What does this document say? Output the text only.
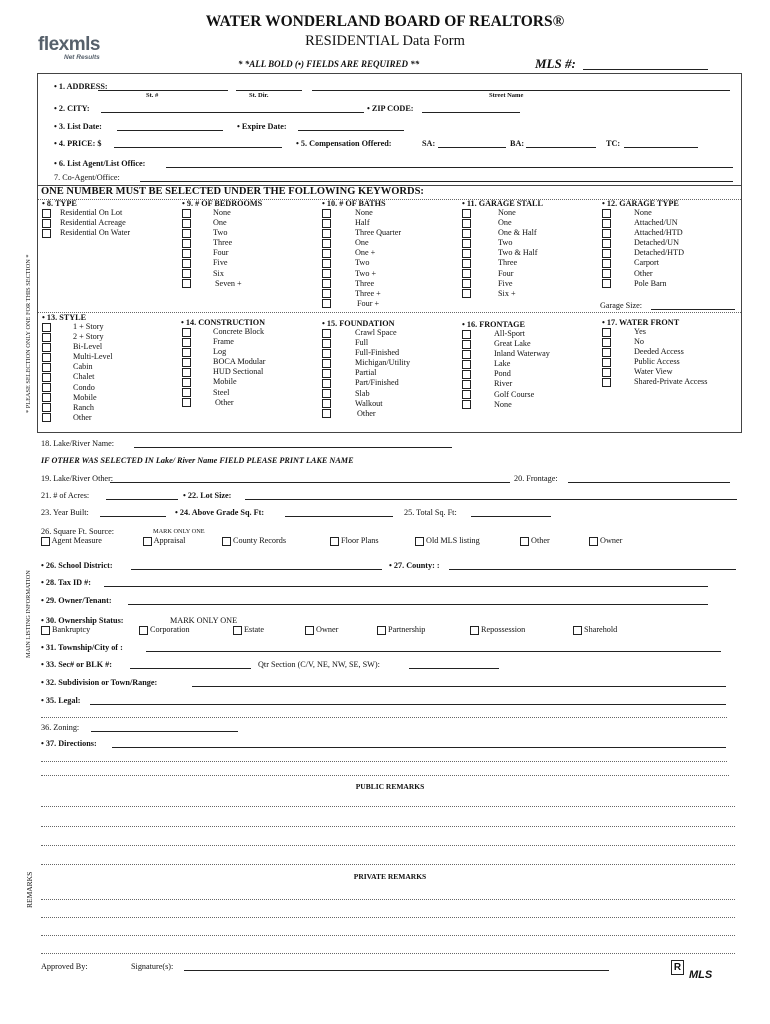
flexmls
Net Results
WATER WONDERLAND BOARD OF REALTORS®
RESIDENTIAL Data Form
* *ALL BOLD (•) FIELDS ARE REQUIRED **	MLS #:
• 1. ADDRESS:
St. #	St. Dir.	Street Name
• 2. CITY:	• ZIP CODE:
• 3. List Date:	• Expire Date:
• 4. PRICE: $	• 5. Compensation Offered:	SA:	BA:	TC:
• 6. List Agent/List Office:
7. Co-Agent/Office:
ONE NUMBER MUST BE SELECTED UNDER THE FOLLOWING KEYWORDS:
* PLEASE SELECTION ONLY ONE FOR THIS SECTION *
• 8. TYPE
Residential On Lot
Residential Acreage
Residential On Water
• 9. # OF BEDROOMS
None
One
Two
Three
Four
Five
Six
Seven +
• 10. # OF BATHS
None
Half
Three Quarter
One
One +
Two
Two +
Three
Three +
Four +
• 11. GARAGE STALL
None
One
One & Half
Two
Two & Half
Three
Four
Five
Six +
• 12. GARAGE TYPE
None
Attached/UN
Attached/HTD
Detached/UN
Detached/HTD
Carport
Other
Pole Barn
Garage Size:
• 13. STYLE
1 + Story
2 + Story
Bi-Level
Multi-Level
Cabin
Chalet
Condo
Mobile
Ranch
Other
• 14. CONSTRUCTION
Concrete Block
Frame
Log
BOCA Modular
HUD Sectional
Mobile
Steel
Other
• 15. FOUNDATION
Crawl Space
Full
Full-Finished
Michigan/Utility
Partial
Part/Finished
Slab
Walkout
Other
• 16. FRONTAGE
All-Sport
Great Lake
Inland Waterway
Lake
Pond
River
Golf Course
None
• 17. WATER FRONT
Yes
No
Deeded Access
Public Access
Water View
Shared-Private Access
MAIN LISTING INFORMATION
18. Lake/River Name:
IF OTHER WAS SELECTED IN Lake/ River Name FIELD PLEASE PRINT LAKE NAME
19. Lake/River Other:	20. Frontage:
21. # of Acres:	• 22. Lot Size:
23. Year Built:	• 24. Above Grade Sq. Ft:	25. Total Sq. Ft:
26. Square Ft. Source:	MARK ONLY ONE
Agent Measure	Appraisal	County Records	Floor Plans	Old MLS listing	Other	Owner
• 26. School District:	• 27. County: :
• 28. Tax ID #:
• 29. Owner/Tenant:
• 30. Ownership Status:	MARK ONLY ONE
Bankruptcy	Corporation	Estate	Owner	Partnership	Repossession	Sharehold
• 31. Township/City of :
• 33. Sec# or BLK #:	Qtr Section (C/V, NE, NW, SE, SW):
• 32. Subdivision or Town/Range:
• 35. Legal:
36. Zoning:
• 37. Directions:
REMARKS
PUBLIC REMARKS
PRIVATE REMARKS
Approved By:	Signature(s):	R
MLS
